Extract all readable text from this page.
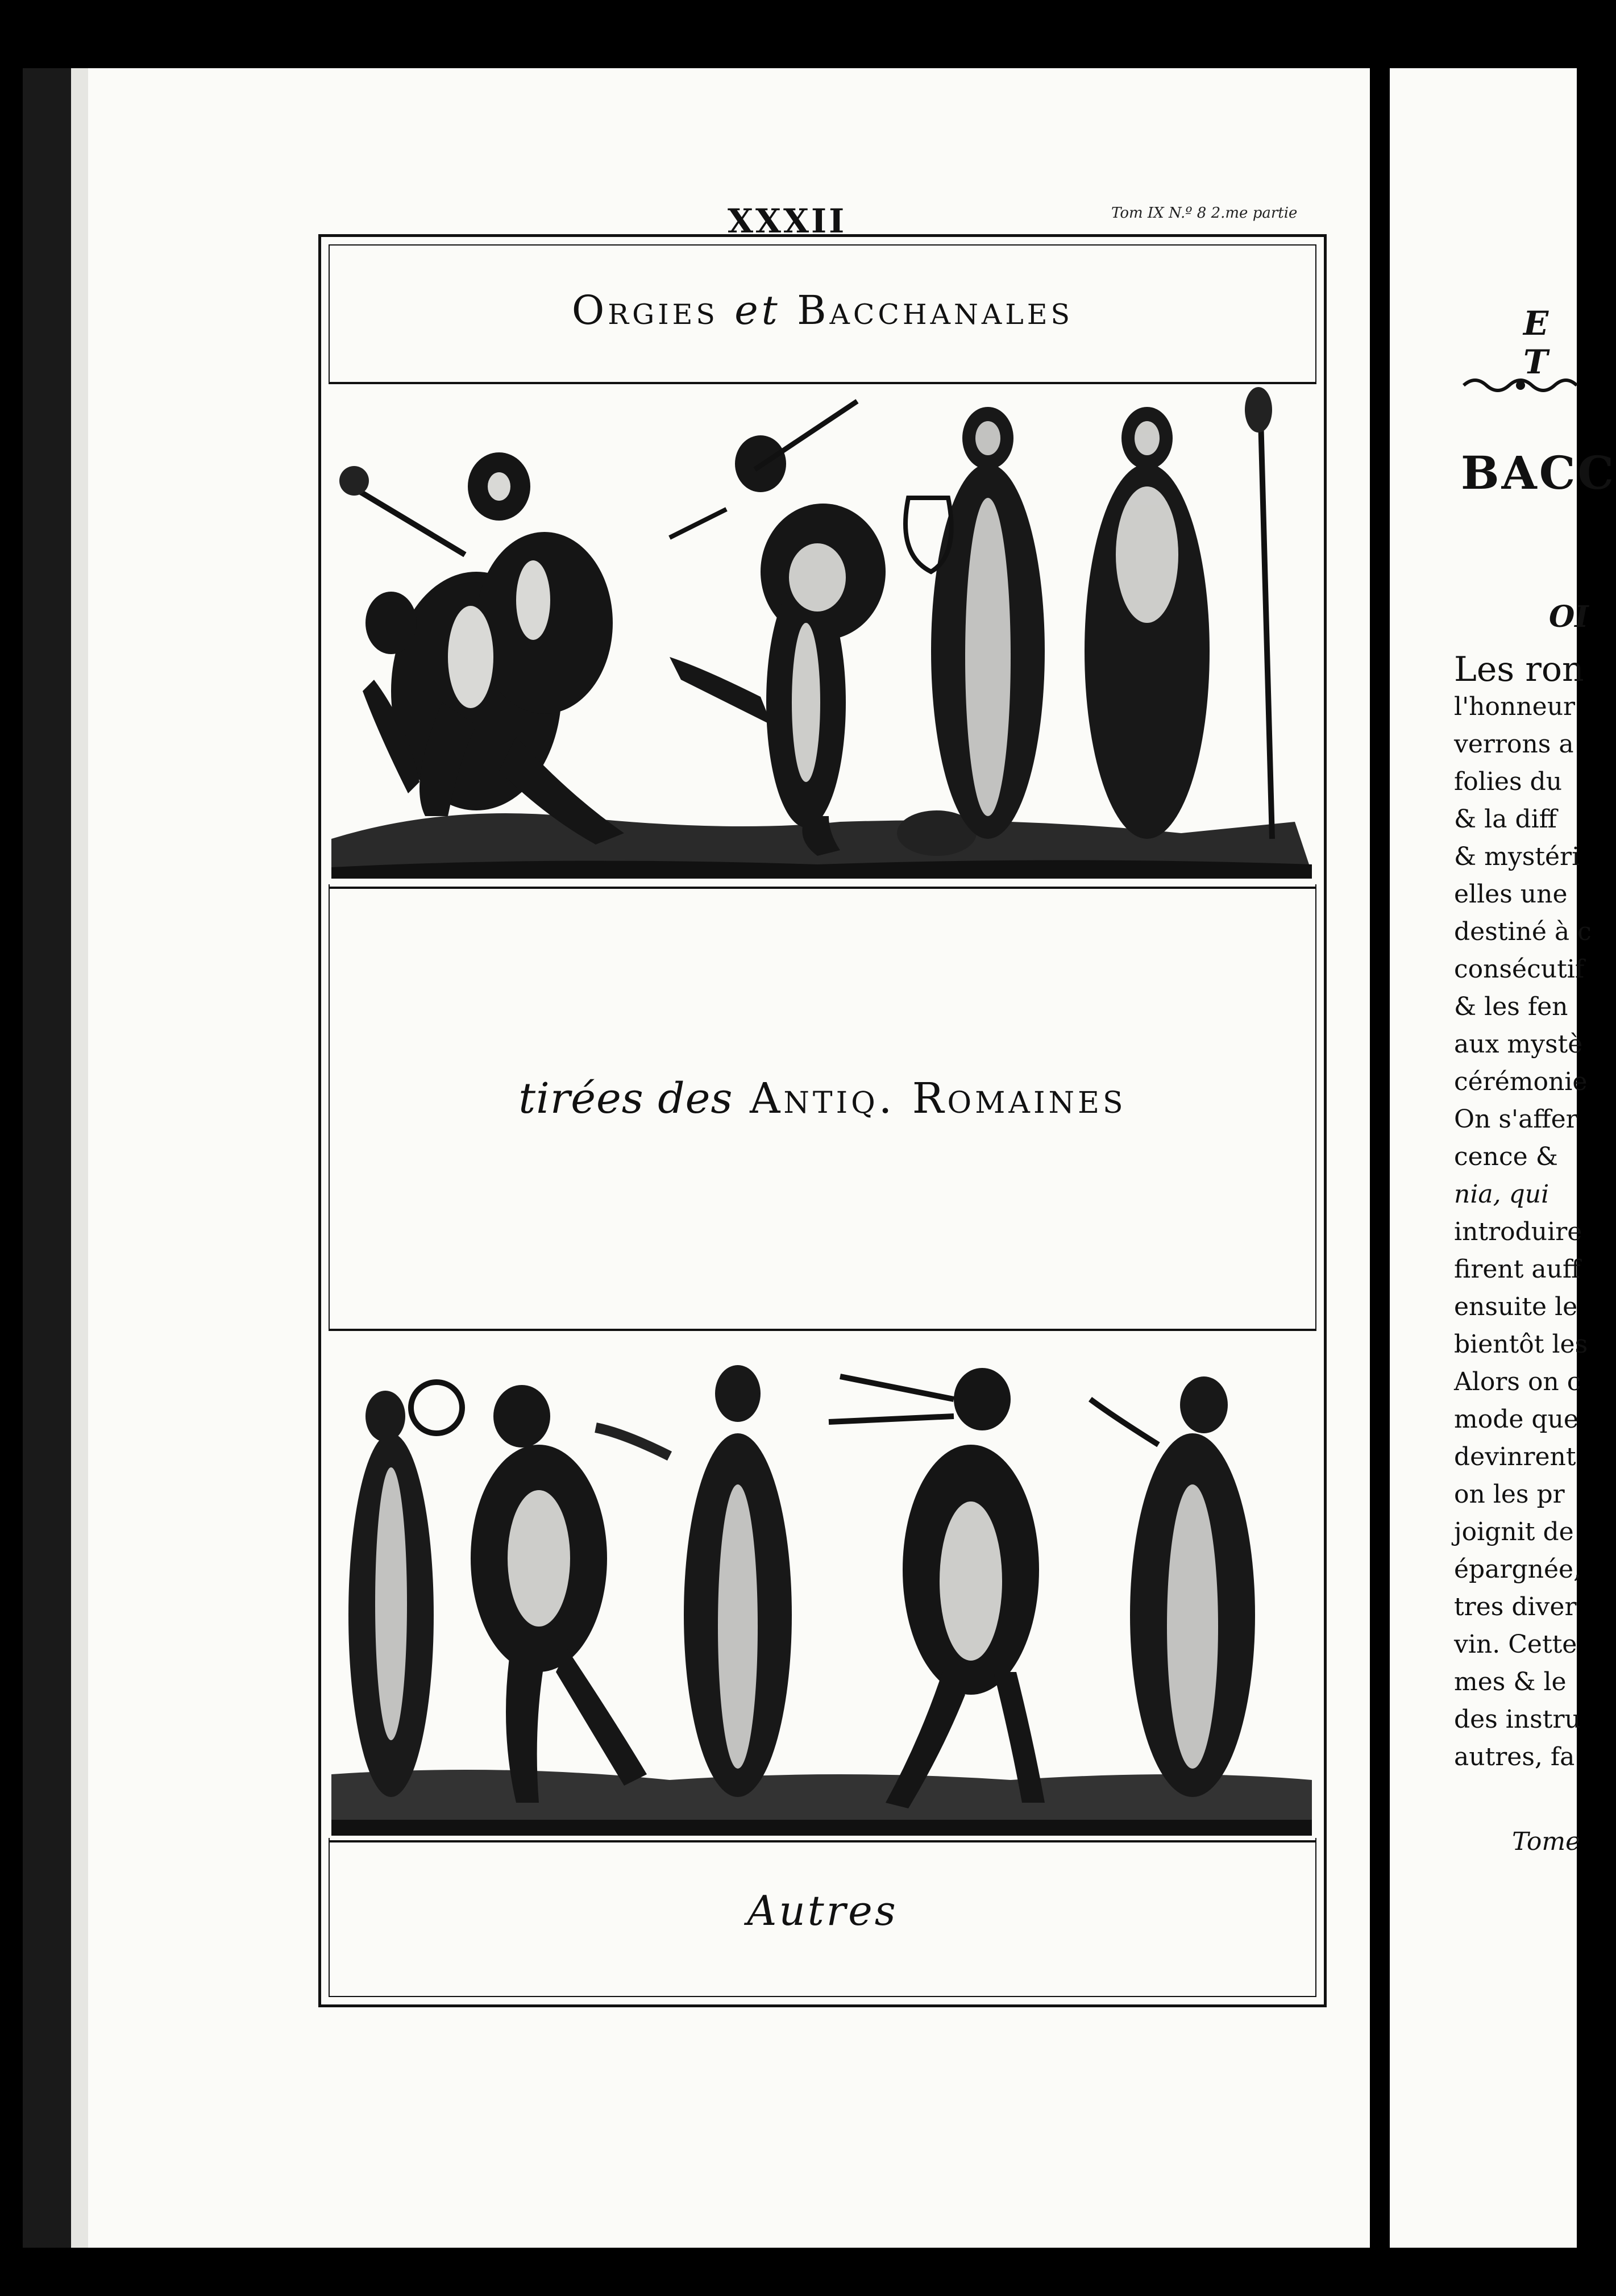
XXXII	Tom IX N.º 8 2.me partie
Orgies et Bacchanales
tirées des Antiq. Romaines
Autres
E T
BACC
OI
Les ron
l'honneur
verrons a
folies du
& la diff
& mystéri
elles une
destiné à c
consécutif
& les fen
aux mystè
cérémonie
On s'affer
cence &
nia, qui
introduire
firent auff
ensuite le
bientôt les
Alors on c
mode que
devinrent
on les pr
joignit de
épargnée,
tres diver
vin. Cette
mes & le
des instru
autres, fa
Tome
